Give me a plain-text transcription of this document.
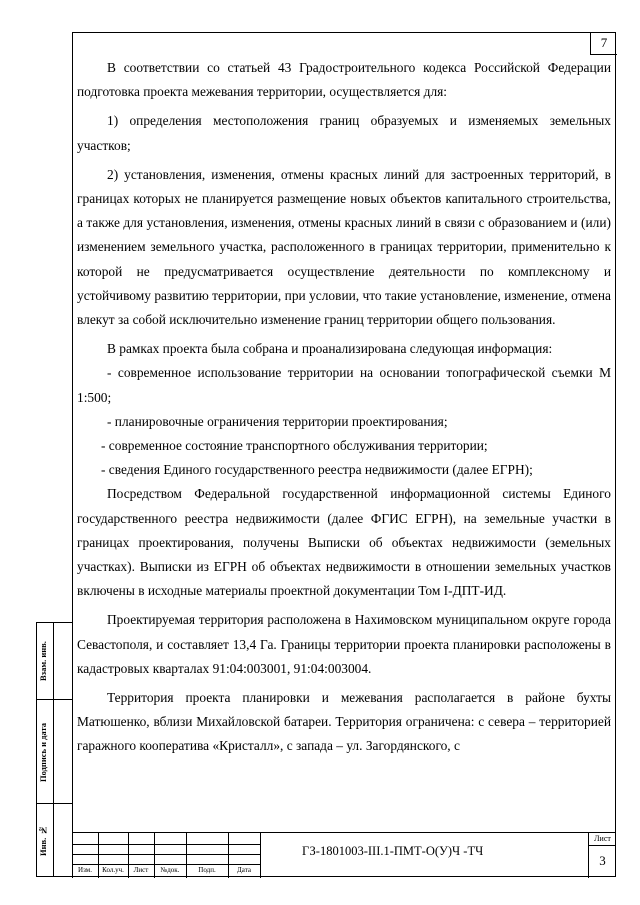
7

В соответствии со статьей 43 Градостроительного кодекса Российской Федерации подготовка проекта межевания территории, осуществляется для:

1) определения местоположения границ образуемых и изменяемых земельных участков;

2) установления, изменения, отмены красных линий для застроенных территорий, в границах которых не планируется размещение новых объектов капитального строительства, а также для установления, изменения, отмены красных линий в связи с образованием и (или) изменением земельного участка, расположенного в границах территории, применительно к которой не предусматривается осуществление деятельности по комплексному и устойчивому развитию территории, при условии, что такие установление, изменение, отмена влекут за собой исключительно изменение границ территории общего пользования.

В рамках проекта была собрана и проанализирована следующая информация:

- современное использование территории на основании топографической съемки М 1:500;

- планировочные ограничения территории проектирования;

- современное состояние транспортного обслуживания территории;

- сведения Единого государственного реестра недвижимости (далее ЕГРН);

Посредством Федеральной государственной информационной системы Единого государственного реестра недвижимости (далее ФГИС ЕГРН), на земельные участки в границах проектирования, получены Выписки об объектах недвижимости (земельных участках). Выписки из ЕГРН об объектах недвижимости в отношении земельных участков включены в исходные материалы проектной документации Том I-ДПТ-ИД.

Проектируемая территория расположена в Нахимовском муниципальном округе города Севастополя, и составляет 13,4 Га. Границы территории проекта планировки расположены в кадастровых кварталах 91:04:003001, 91:04:003004.

Территория проекта планировки и межевания располагается в районе бухты Матюшенко, вблизи Михайловской батареи. Территория ограничена: с севера – территорией гаражного кооператива «Кристалл», с запада – ул. Загордянского, с

Взам. инв.
Подпись и дата
Инв. №
Изм.	Кол.уч.	Лист	№док.	Подп.	Дата
ГЗ-1801003-III.1-ПМТ-О(У)Ч -ТЧ
Лист
3
